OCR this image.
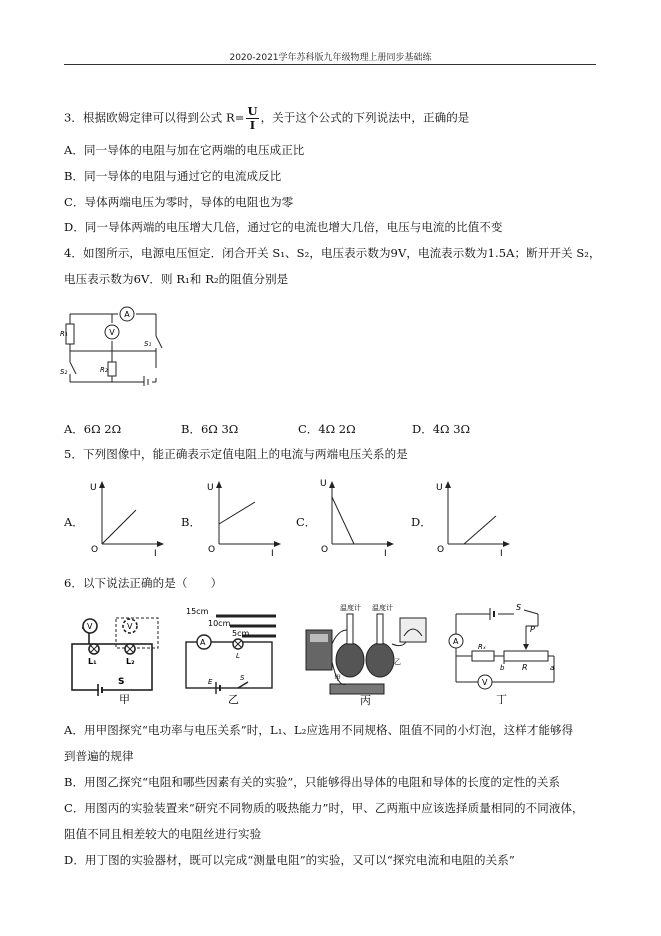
2020-2021学年苏科版九年级物理上册同步基础练
3．根据欧姆定律可以得到公式 $R= \frac{U}{I}$ ，关于这个公式的下列说法中，正确的是
A．同一导体的电阻与加在它两端的电压成正比
B．同一导体的电阻与通过它的电流成反比
C．导体两端电压为零时，导体的电阻也为零
D．同一导体两端的电压增大几倍，通过它的电流也增大几倍，电压与电流的比值不变
4．如图所示，电源电压恒定．闭合开关 S₁、S₂，电压表示数为9V，电流表示数为1.5A；断开开关 S₂，
电压表示数为6V．则 R₁和 R₂的阻值分别是
A
V
R₁
R₂
S₁
S₂
A．6Ω 2Ω	B．6Ω 3Ω	C．4Ω 2Ω	D．4Ω 3Ω
5．下列图像中，能正确表示定值电阻上的电流与两端电压关系的是
A．	B．	C．	D．
U
O	I
U
O	I
U
O	I
U
O	I
6．以下说法正确的是（　　）
V	V
L₁	L₂
S
甲
A
15cm
10cm
5cm
L
E	S
乙
温度计 温度计
甲
乙
丙
A
V
S
P
Rₓ
R
b	a
丁
A．用甲图探究“电功率与电压关系”时，L₁、L₂应选用不同规格、阻值不同的小灯泡，这样才能够得
到普遍的规律
B．用图乙探究“电阻和哪些因素有关的实验”，只能够得出导体的电阻和导体的长度的定性的关系
C．用图丙的实验装置来“研究不同物质的吸热能力”时，甲、乙两瓶中应该选择质量相同的不同液体，
阻值不同且相差较大的电阻丝进行实验
D．用丁图的实验器材，既可以完成“测量电阻”的实验，又可以“探究电流和电阻的关系”
